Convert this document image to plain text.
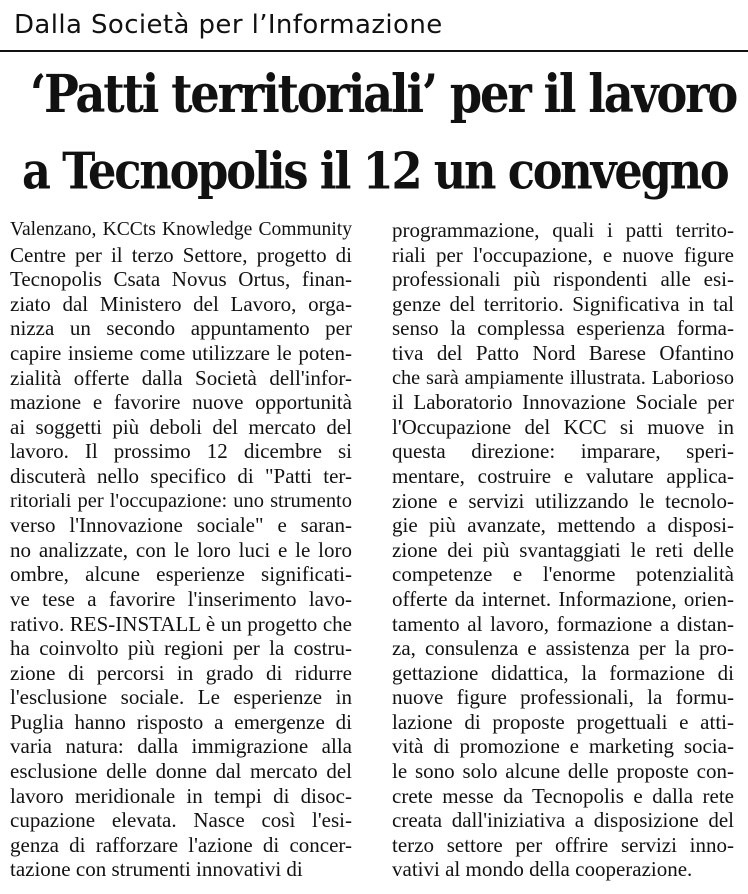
Dalla Società per l’Informazione
‘Patti territoriali’ per il lavoro
a Tecnopolis il 12 un convegno
Valenzano, KCCts Knowledge Community
Centre per il terzo Settore, progetto di
Tecnopolis Csata Novus Ortus, finan-
ziato dal Ministero del Lavoro, orga-
nizza un secondo appuntamento per
capire insieme come utilizzare le poten-
zialità offerte dalla Società dell'infor-
mazione e favorire nuove opportunità
ai soggetti più deboli del mercato del
lavoro. Il prossimo 12 dicembre si
discuterà nello specifico di "Patti ter-
ritoriali per l'occupazione: uno strumento
verso l'Innovazione sociale" e saran-
no analizzate, con le loro luci e le loro
ombre, alcune esperienze significati-
ve tese a favorire l'inserimento lavo-
rativo. RES-INSTALL è un progetto che
ha coinvolto più regioni per la costru-
zione di percorsi in grado di ridurre
l'esclusione sociale. Le esperienze in
Puglia hanno risposto a emergenze di
varia natura: dalla immigrazione alla
esclusione delle donne dal mercato del
lavoro meridionale in tempi di disoc-
cupazione elevata. Nasce così l'esi-
genza di rafforzare l'azione di concer-
tazione con strumenti innovativi di
programmazione, quali i patti territo-
riali per l'occupazione, e nuove figure
professionali più rispondenti alle esi-
genze del territorio. Significativa in tal
senso la complessa esperienza forma-
tiva del Patto Nord Barese Ofantino
che sarà ampiamente illustrata. Laborioso
il Laboratorio Innovazione Sociale per
l'Occupazione del KCC si muove in
questa direzione: imparare, speri-
mentare, costruire e valutare applica-
zione e servizi utilizzando le tecnolo-
gie più avanzate, mettendo a disposi-
zione dei più svantaggiati le reti delle
competenze e l'enorme potenzialità
offerte da internet. Informazione, orien-
tamento al lavoro, formazione a distan-
za, consulenza e assistenza per la pro-
gettazione didattica, la formazione di
nuove figure professionali, la formu-
lazione di proposte progettuali e atti-
vità di promozione e marketing socia-
le sono solo alcune delle proposte con-
crete messe da Tecnopolis e dalla rete
creata dall'iniziativa a disposizione del
terzo settore per offrire servizi inno-
vativi al mondo della cooperazione.
